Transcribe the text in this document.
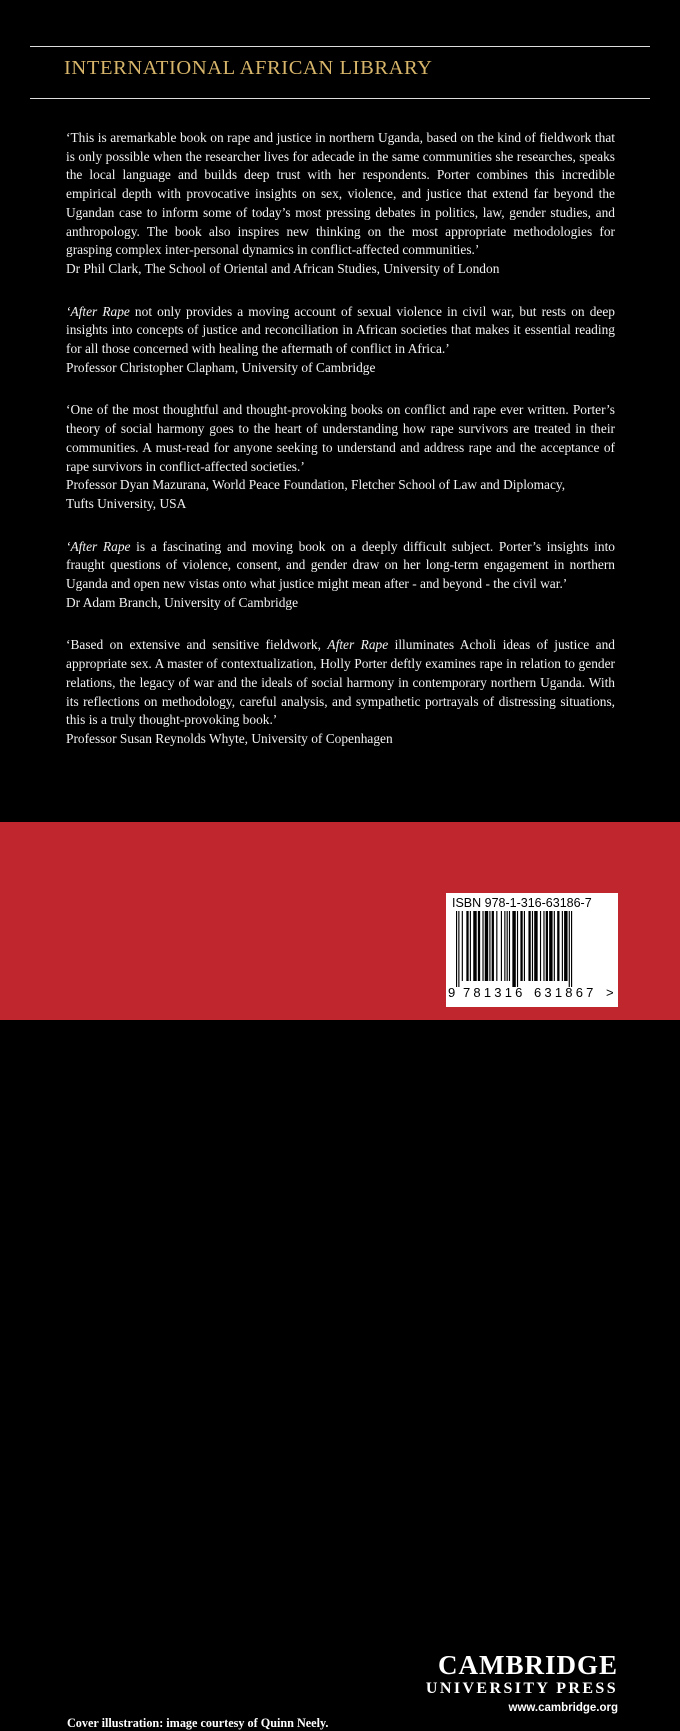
INTERNATIONAL AFRICAN LIBRARY
‘This is aremarkable book on rape and justice in northern Uganda, based on the kind of fieldwork that is only possible when the researcher lives for adecade in the same communities she researches, speaks the local language and builds deep trust with her respondents. Porter combines this incredible empirical depth with provocative insights on sex, violence, and justice that extend far beyond the Ugandan case to inform some of today’s most pressing debates in politics, law, gender studies, and anthropology. The book also inspires new thinking on the most appropriate methodologies for grasping complex inter-personal dynamics in conflict-affected communities.’
Dr Phil Clark, The School of Oriental and African Studies, University of London
‘After Rape not only provides a moving account of sexual violence in civil war, but rests on deep insights into concepts of justice and reconciliation in African societies that makes it essential reading for all those concerned with healing the aftermath of conflict in Africa.’
Professor Christopher Clapham, University of Cambridge
‘One of the most thoughtful and thought-provoking books on conflict and rape ever written. Porter’s theory of social harmony goes to the heart of understanding how rape survivors are treated in their communities. A must-read for anyone seeking to understand and address rape and the acceptance of rape survivors in conflict-affected societies.’
Professor Dyan Mazurana, World Peace Foundation, Fletcher School of Law and Diplomacy,
Tufts University, USA
‘After Rape is a fascinating and moving book on a deeply difficult subject. Porter’s insights into fraught questions of violence, consent, and gender draw on her long-term engagement in northern Uganda and open new vistas onto what justice might mean after - and beyond - the civil war.’
Dr Adam Branch, University of Cambridge
‘Based on extensive and sensitive fieldwork, After Rape illuminates Acholi ideas of justice and appropriate sex. A master of contextualization, Holly Porter deftly examines rape in relation to gender relations, the legacy of war and the ideals of social harmony in contemporary northern Uganda. With its reflections on methodology, careful analysis, and sympathetic portrayals of distressing situations, this is a truly thought-provoking book.’
Professor Susan Reynolds Whyte, University of Copenhagen
Cover illustration: image courtesy of Quinn Neely.
CAMBRIDGE
UNIVERSITY PRESS
www.cambridge.org
ISBN 978-1-316-63186-7
9 781316 631867 >
